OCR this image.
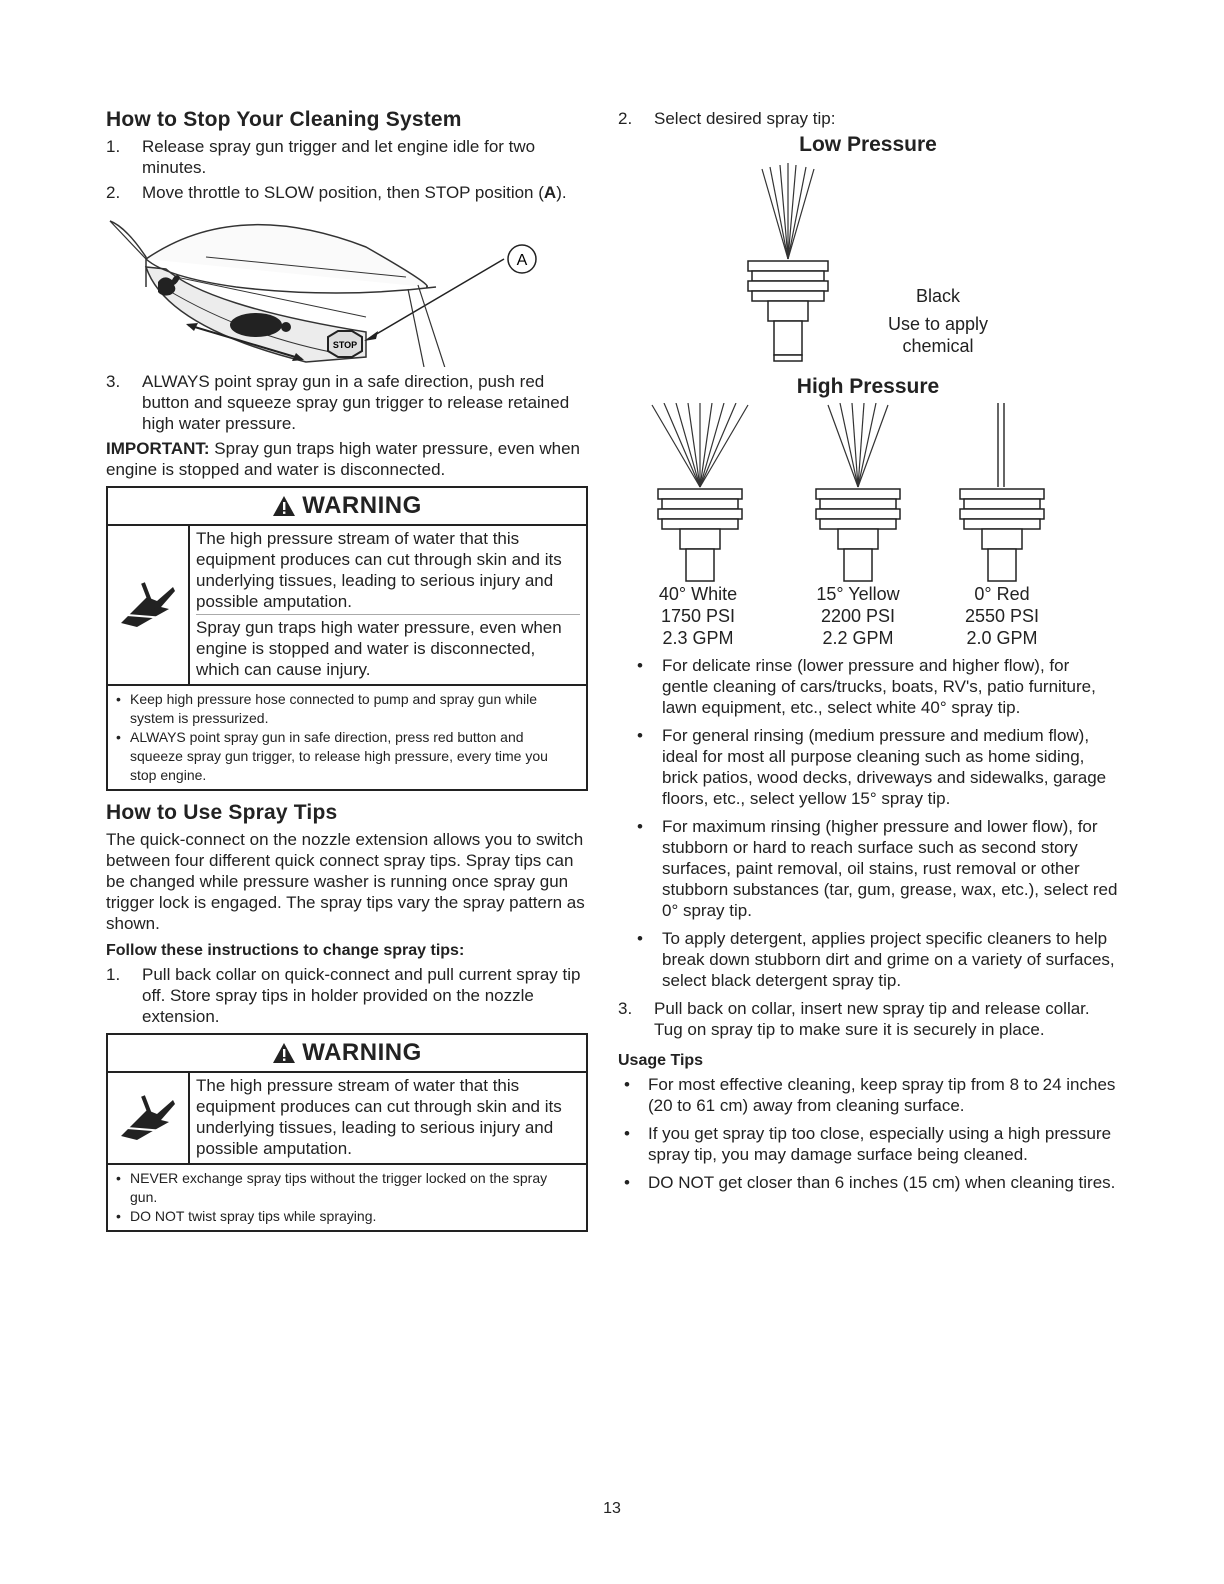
How to Stop Your Cleaning System
1.	Release spray gun trigger and let engine idle for two minutes.
2.	Move throttle to SLOW position, then STOP position (A).
STOP
A
3.	ALWAYS point spray gun in a safe direction, push red button and squeeze spray gun trigger to release retained high water pressure.

IMPORTANT: Spray gun traps high water pressure, even when engine is stopped and water is disconnected.

WARNING
The high pressure stream of water that this equipment produces can cut through skin and its underlying tissues, leading to serious injury and possible amputation.
Spray gun traps high water pressure, even when engine is stopped and water is disconnected, which can cause injury.
• Keep high pressure hose connected to pump and spray gun while system is pressurized.
• ALWAYS point spray gun in safe direction, press red button and squeeze spray gun trigger, to release high pressure, every time you stop engine.
How to Use Spray Tips

The quick-connect on the nozzle extension allows you to switch between four different quick connect spray tips. Spray tips can be changed while pressure washer is running once spray gun trigger lock is engaged. The spray tips vary the spray pattern as shown.

Follow these instructions to change spray tips:
1.	Pull back collar on quick-connect and pull current spray tip off. Store spray tips in holder provided on the nozzle extension.
WARNING
The high pressure stream of water that this equipment produces can cut through skin and its underlying tissues, leading to serious injury and possible amputation.
• NEVER exchange spray tips without the trigger locked on the spray gun.
• DO NOT twist spray tips while spraying.
2.	Select desired spray tip:
Low Pressure
Black
Use to apply
chemical
High Pressure
40° White
1750 PSI
2.3 GPM
15° Yellow
2200 PSI
2.2 GPM
0° Red
2550 PSI
2.0 GPM
•	For delicate rinse (lower pressure and higher flow), for gentle cleaning of cars/trucks, boats, RV's, patio furniture, lawn equipment, etc., select white 40° spray tip.
•	For general rinsing (medium pressure and medium flow), ideal for most all purpose cleaning such as home siding, brick patios, wood decks, driveways and sidewalks, garage floors, etc., select yellow 15° spray tip.
•	For maximum rinsing (higher pressure and lower flow), for stubborn or hard to reach surface such as second story surfaces, paint removal, oil stains, rust removal or other stubborn substances (tar, gum, grease, wax, etc.), select red 0° spray tip.
•	To apply detergent, applies project specific cleaners to help break down stubborn dirt and grime on a variety of surfaces, select black detergent spray tip.
3.	Pull back on collar, insert new spray tip and release collar. Tug on spray tip to make sure it is securely in place.
Usage Tips
•	For most effective cleaning, keep spray tip from 8 to 24 inches (20 to 61 cm) away from cleaning surface.
•	If you get spray tip too close, especially using a high pressure spray tip, you may damage surface being cleaned.
•	DO NOT get closer than 6 inches (15 cm) when cleaning tires.
13
